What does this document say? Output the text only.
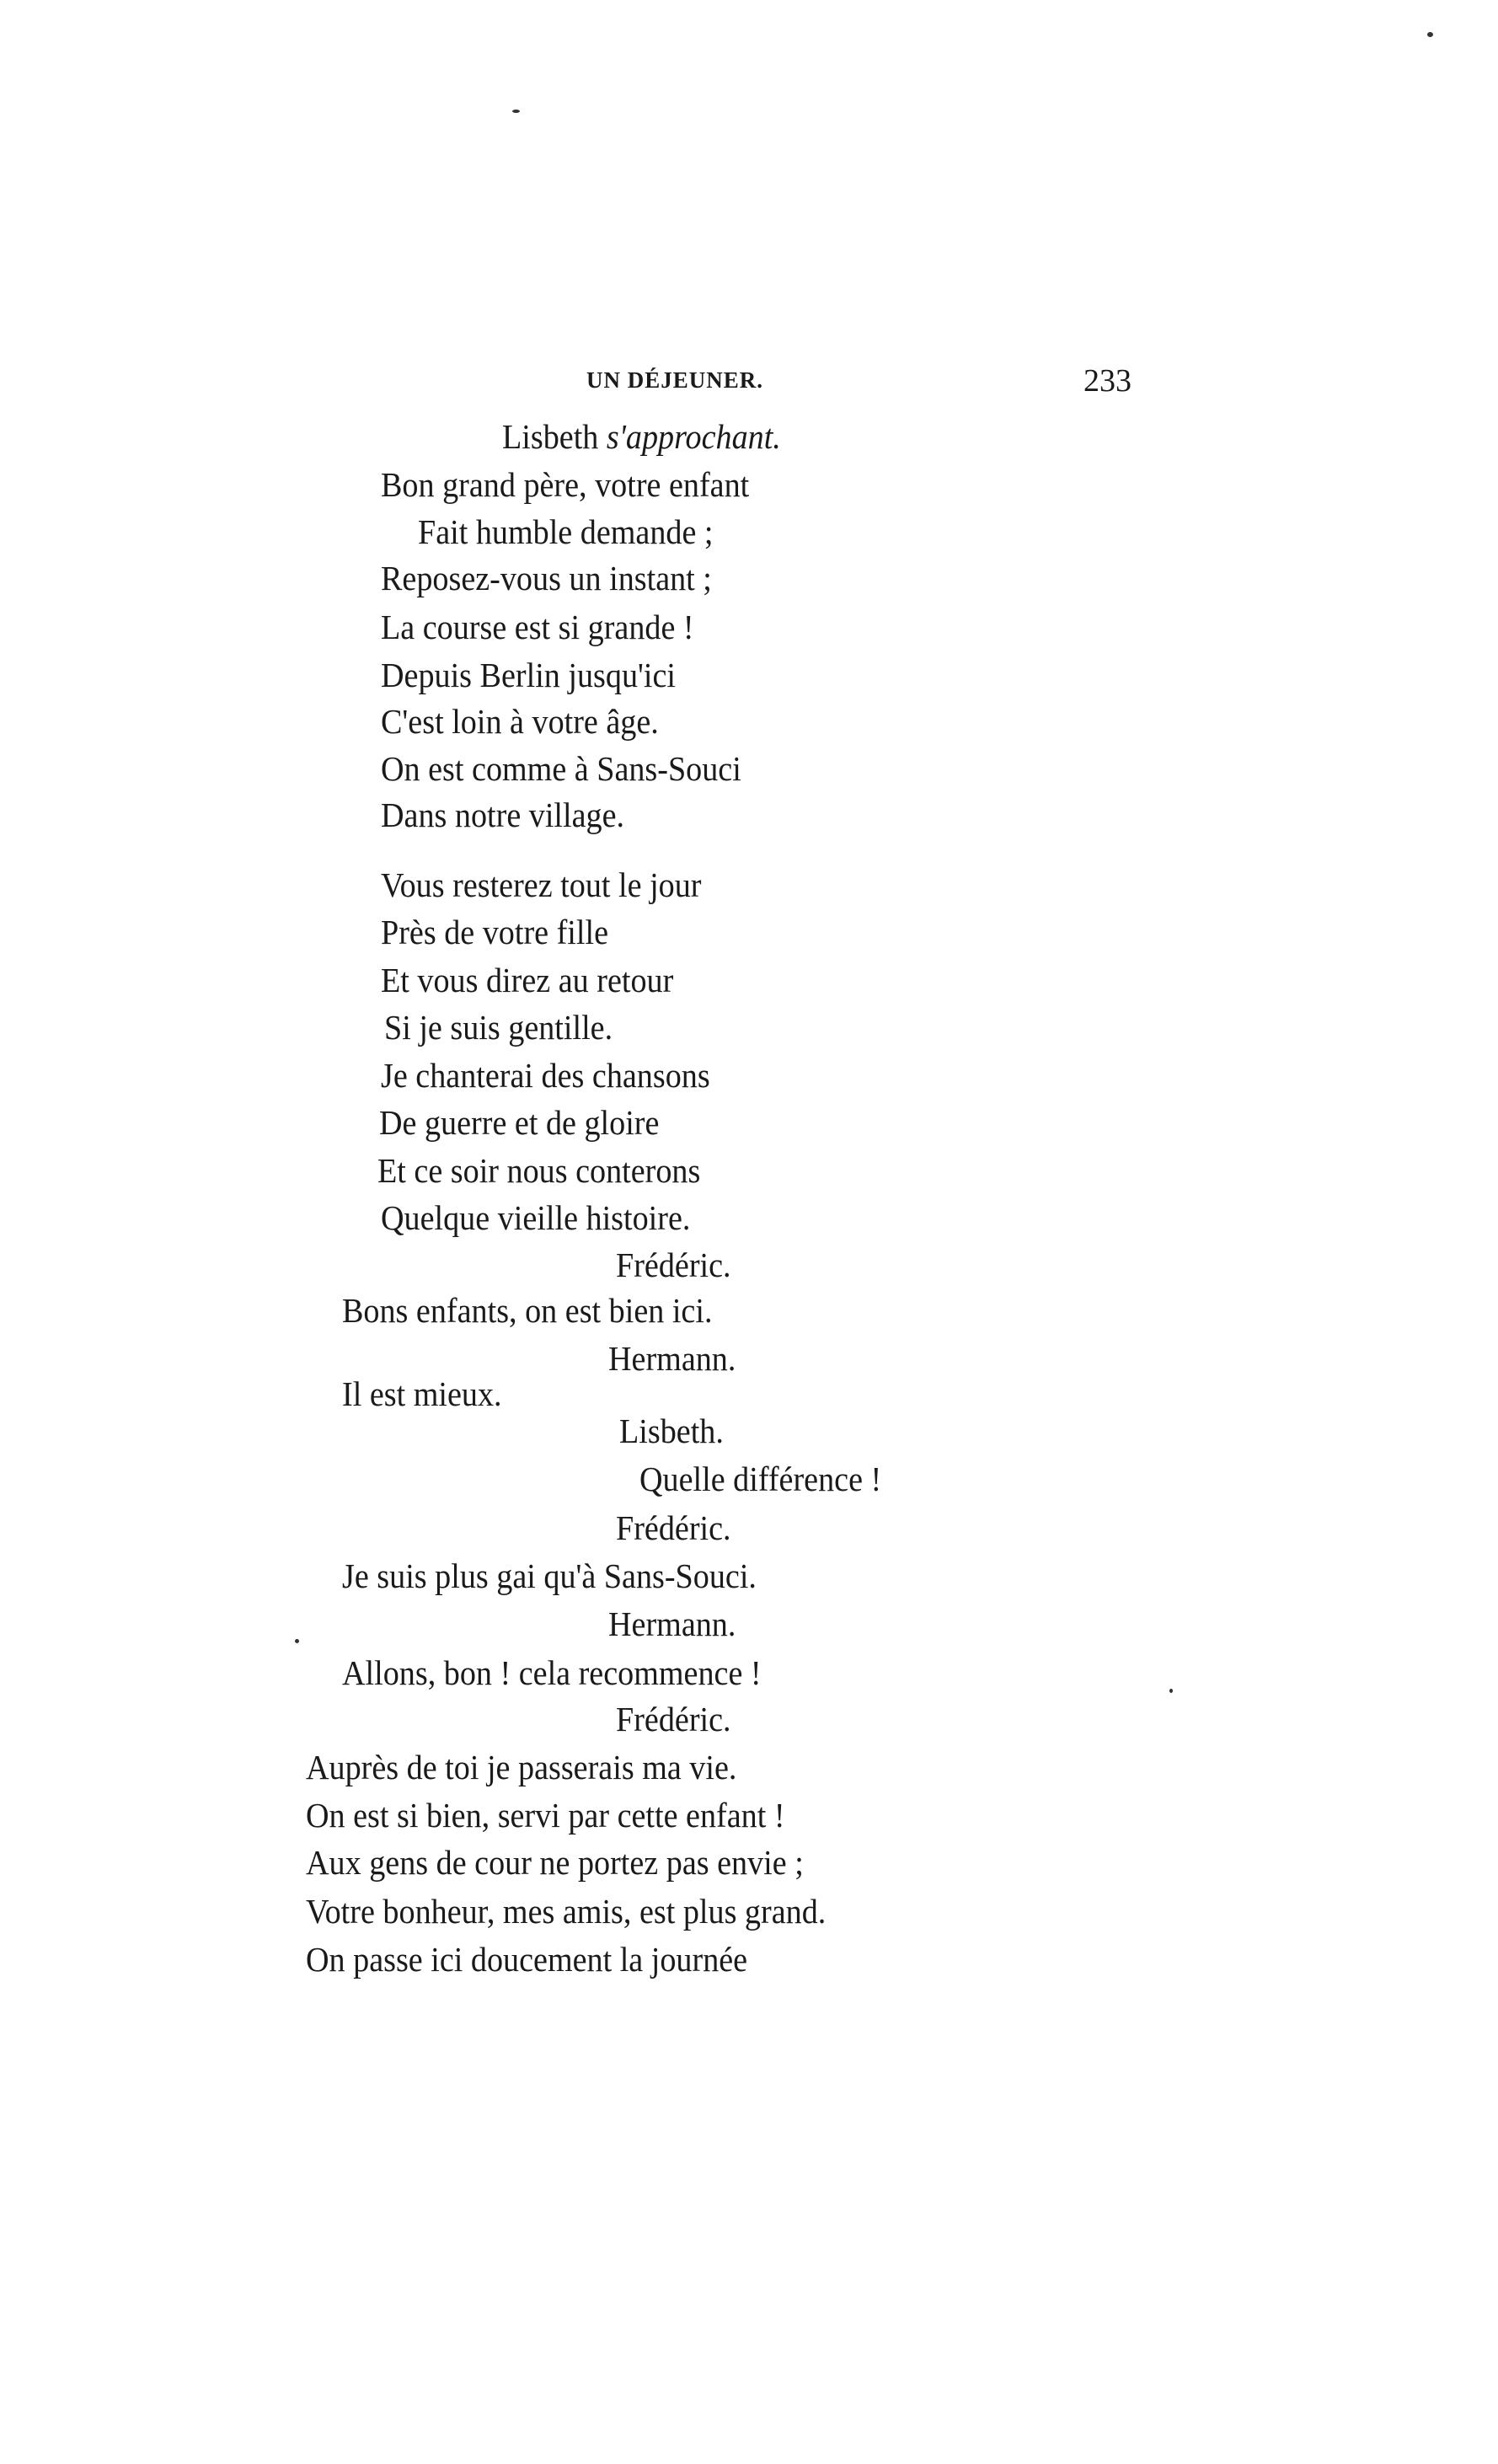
UN DÉJEUNER.	233
Lisbeth s'approchant.
Bon grand père, votre enfant
Fait humble demande ;
Reposez-vous un instant ;
La course est si grande !
Depuis Berlin jusqu'ici
C'est loin à votre âge.
On est comme à Sans-Souci
Dans notre village.
Vous resterez tout le jour
Près de votre fille
Et vous direz au retour
Si je suis gentille.
Je chanterai des chansons
De guerre et de gloire
Et ce soir nous conterons
Quelque vieille histoire.
Frédéric.
Bons enfants, on est bien ici.
Hermann.
Il est mieux.
Lisbeth.
Quelle différence !
Frédéric.
Je suis plus gai qu'à Sans-Souci.
Hermann.
Allons, bon ! cela recommence !
Frédéric.
Auprès de toi je passerais ma vie.
On est si bien, servi par cette enfant !
Aux gens de cour ne portez pas envie ;
Votre bonheur, mes amis, est plus grand.
On passe ici doucement la journée
